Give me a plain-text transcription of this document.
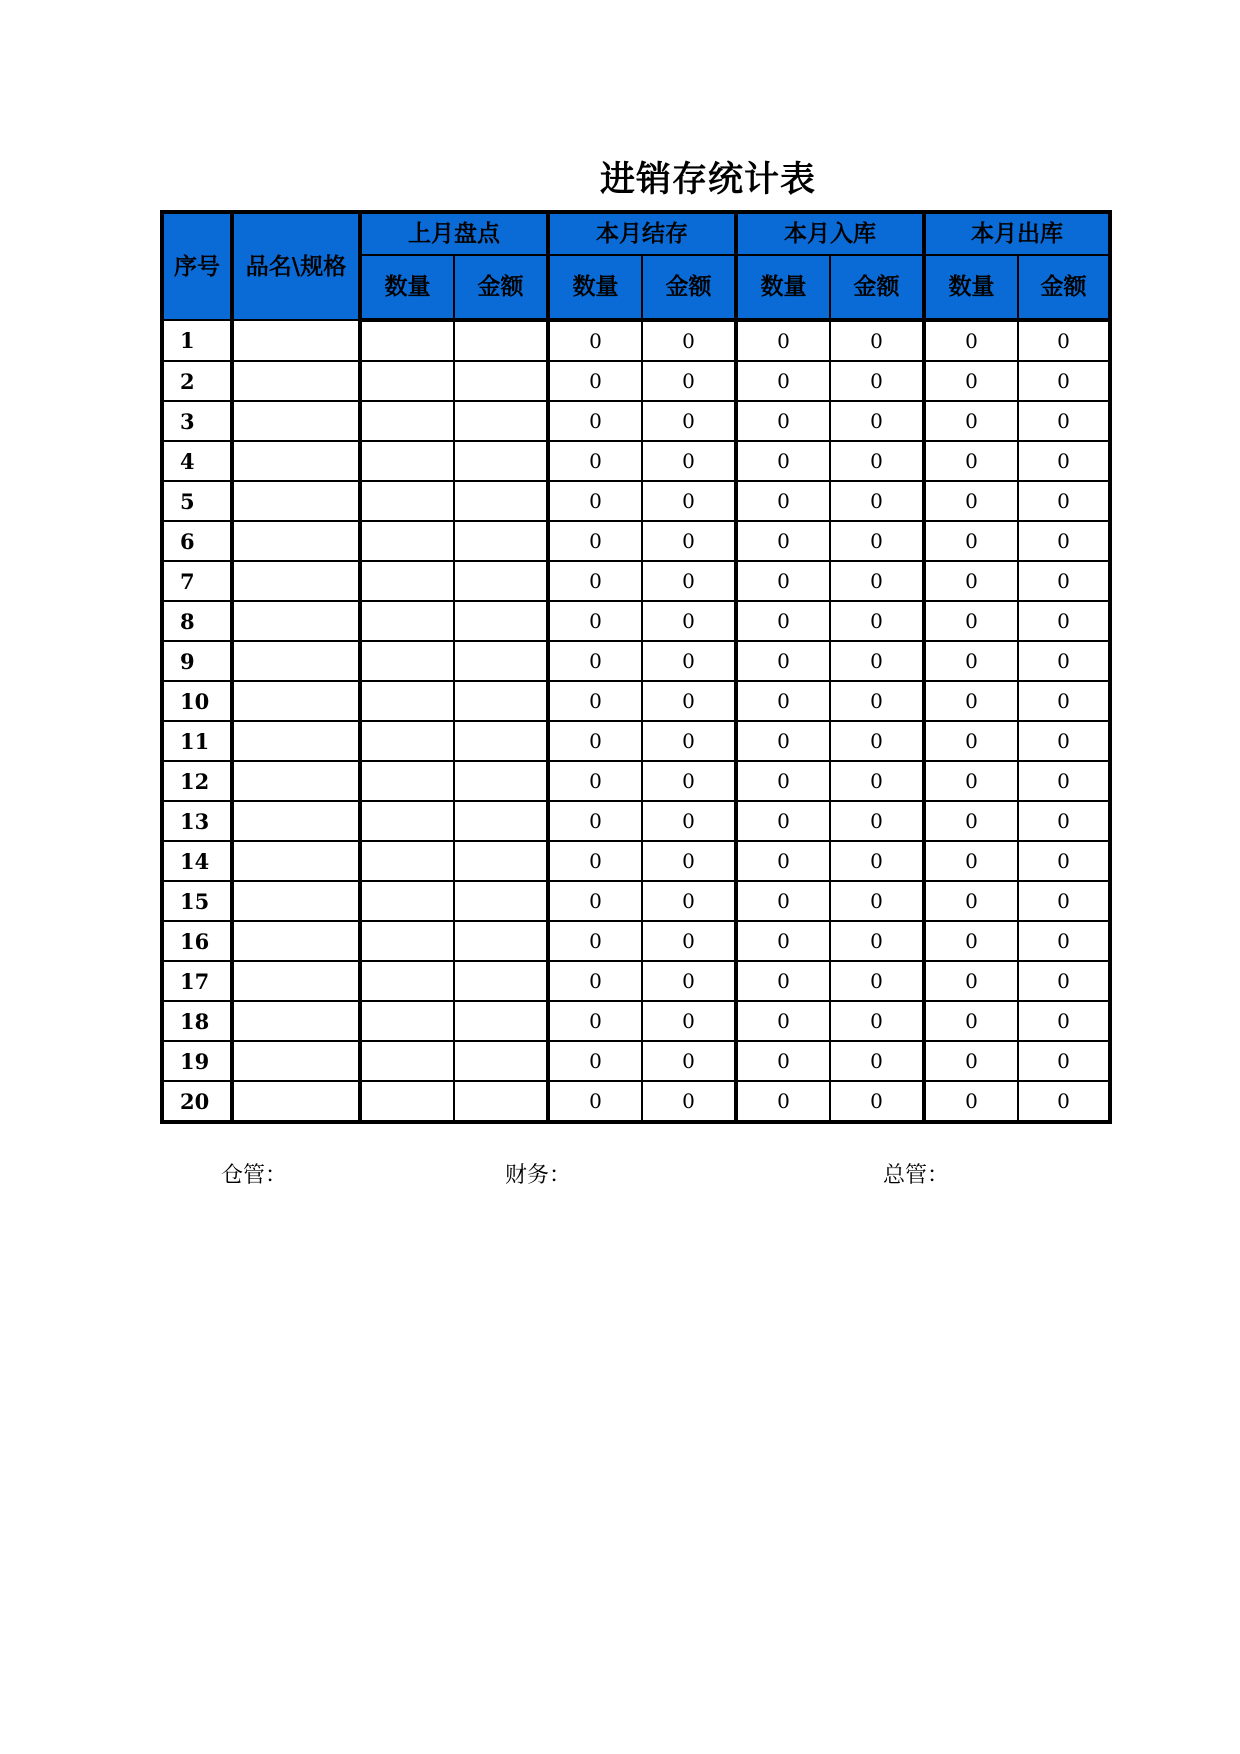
进销存统计表
序号	品名\规格	上月盘点		本月结存		本月入库		本月出库	
		数量	金额	数量	金额	数量	金额	数量	金额
1				0	0	0	0	0	0
2				0	0	0	0	0	0
3				0	0	0	0	0	0
4				0	0	0	0	0	0
5				0	0	0	0	0	0
6				0	0	0	0	0	0
7				0	0	0	0	0	0
8				0	0	0	0	0	0
9				0	0	0	0	0	0
10				0	0	0	0	0	0
11				0	0	0	0	0	0
12				0	0	0	0	0	0
13				0	0	0	0	0	0
14				0	0	0	0	0	0
15				0	0	0	0	0	0
16				0	0	0	0	0	0
17				0	0	0	0	0	0
18				0	0	0	0	0	0
19				0	0	0	0	0	0
20				0	0	0	0	0	0
仓管：	财务：	总管：
